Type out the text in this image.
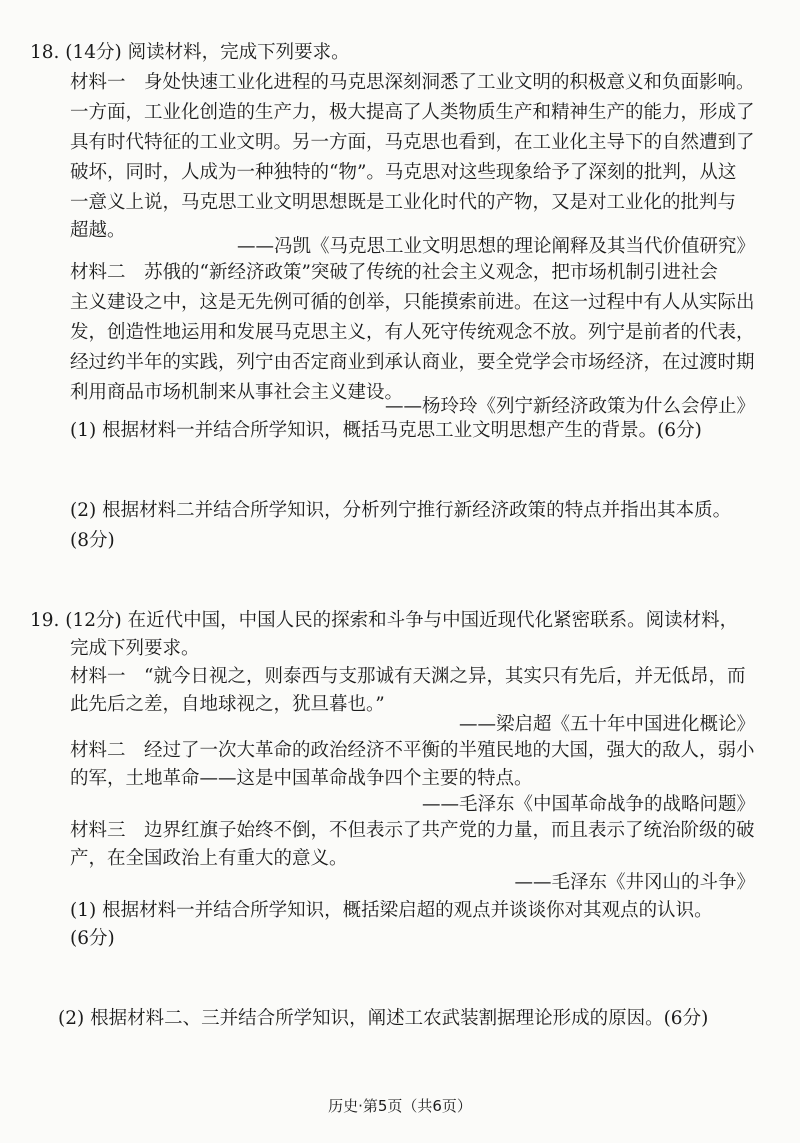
18. (14分) 阅读材料，完成下列要求。
材料一　身处快速工业化进程的马克思深刻洞悉了工业文明的积极意义和负面影响。
一方面，工业化创造的生产力，极大提高了人类物质生产和精神生产的能力，形成了
具有时代特征的工业文明。另一方面，马克思也看到，在工业化主导下的自然遭到了
破坏，同时，人成为一种独特的“物”。马克思对这些现象给予了深刻的批判，从这
一意义上说，马克思工业文明思想既是工业化时代的产物，又是对工业化的批判与
超越。
——冯凯《马克思工业文明思想的理论阐释及其当代价值研究》
材料二　苏俄的“新经济政策”突破了传统的社会主义观念，把市场机制引进社会
主义建设之中，这是无先例可循的创举，只能摸索前进。在这一过程中有人从实际出
发，创造性地运用和发展马克思主义，有人死守传统观念不放。列宁是前者的代表，
经过约半年的实践，列宁由否定商业到承认商业，要全党学会市场经济，在过渡时期
利用商品市场机制来从事社会主义建设。
——杨玲玲《列宁新经济政策为什么会停止》
(1) 根据材料一并结合所学知识，概括马克思工业文明思想产生的背景。(6分)
(2) 根据材料二并结合所学知识，分析列宁推行新经济政策的特点并指出其本质。
(8分)
19. (12分) 在近代中国，中国人民的探索和斗争与中国近现代化紧密联系。阅读材料，
完成下列要求。
材料一　“就今日视之，则泰西与支那诚有天渊之异，其实只有先后，并无低昂，而
此先后之差，自地球视之，犹旦暮也。”
——梁启超《五十年中国进化概论》
材料二　经过了一次大革命的政治经济不平衡的半殖民地的大国，强大的敌人，弱小
的军，土地革命——这是中国革命战争四个主要的特点。
——毛泽东《中国革命战争的战略问题》
材料三　边界红旗子始终不倒，不但表示了共产党的力量，而且表示了统治阶级的破
产，在全国政治上有重大的意义。
——毛泽东《井冈山的斗争》
(1) 根据材料一并结合所学知识，概括梁启超的观点并谈谈你对其观点的认识。
(6分)
(2) 根据材料二、三并结合所学知识，阐述工农武装割据理论形成的原因。(6分)
历史·第5页（共6页）
